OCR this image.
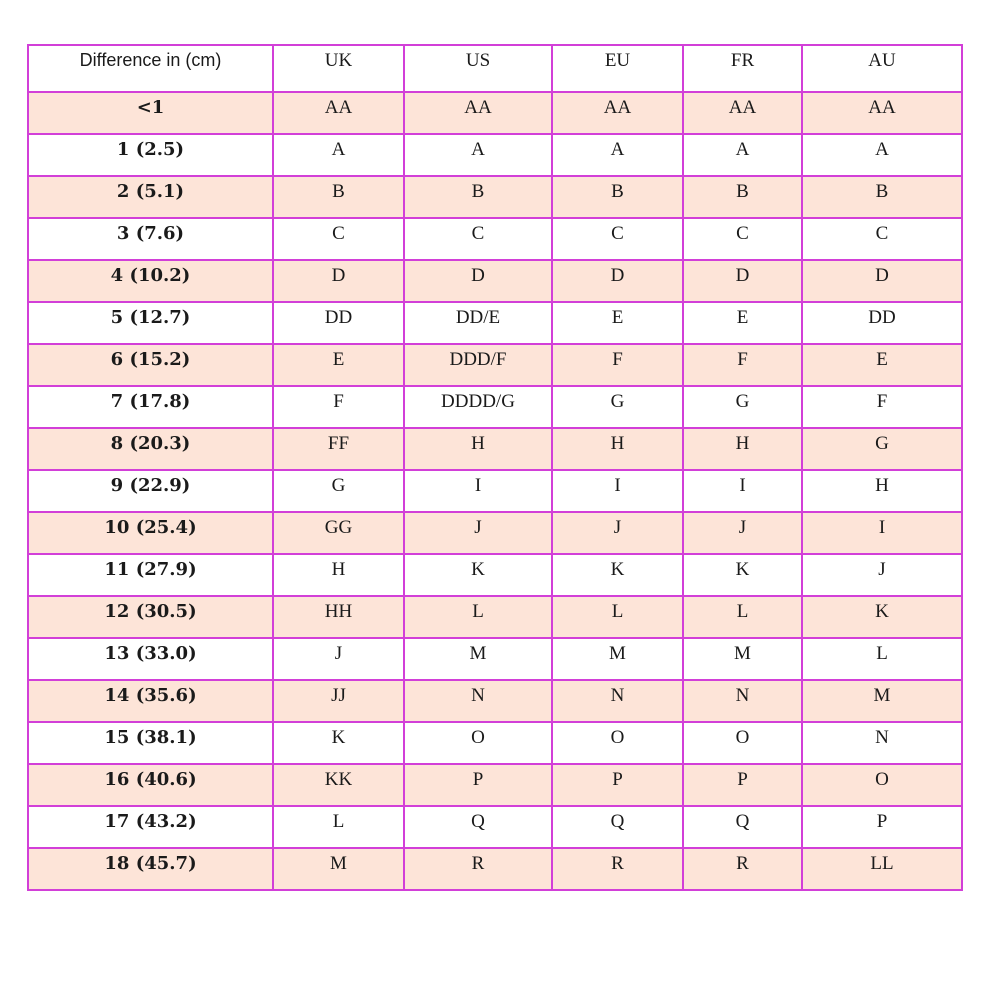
Difference in (cm)	UK	US	EU	FR	AU
<1	AA	AA	AA	AA	AA
1 (2.5)	A	A	A	A	A
2 (5.1)	B	B	B	B	B
3 (7.6)	C	C	C	C	C
4 (10.2)	D	D	D	D	D
5 (12.7)	DD	DD/E	E	E	DD
6 (15.2)	E	DDD/F	F	F	E
7 (17.8)	F	DDDD/G	G	G	F
8 (20.3)	FF	H	H	H	G
9 (22.9)	G	I	I	I	H
10 (25.4)	GG	J	J	J	I
11 (27.9)	H	K	K	K	J
12 (30.5)	HH	L	L	L	K
13 (33.0)	J	M	M	M	L
14 (35.6)	JJ	N	N	N	M
15 (38.1)	K	O	O	O	N
16 (40.6)	KK	P	P	P	O
17 (43.2)	L	Q	Q	Q	P
18 (45.7)	M	R	R	R	LL
